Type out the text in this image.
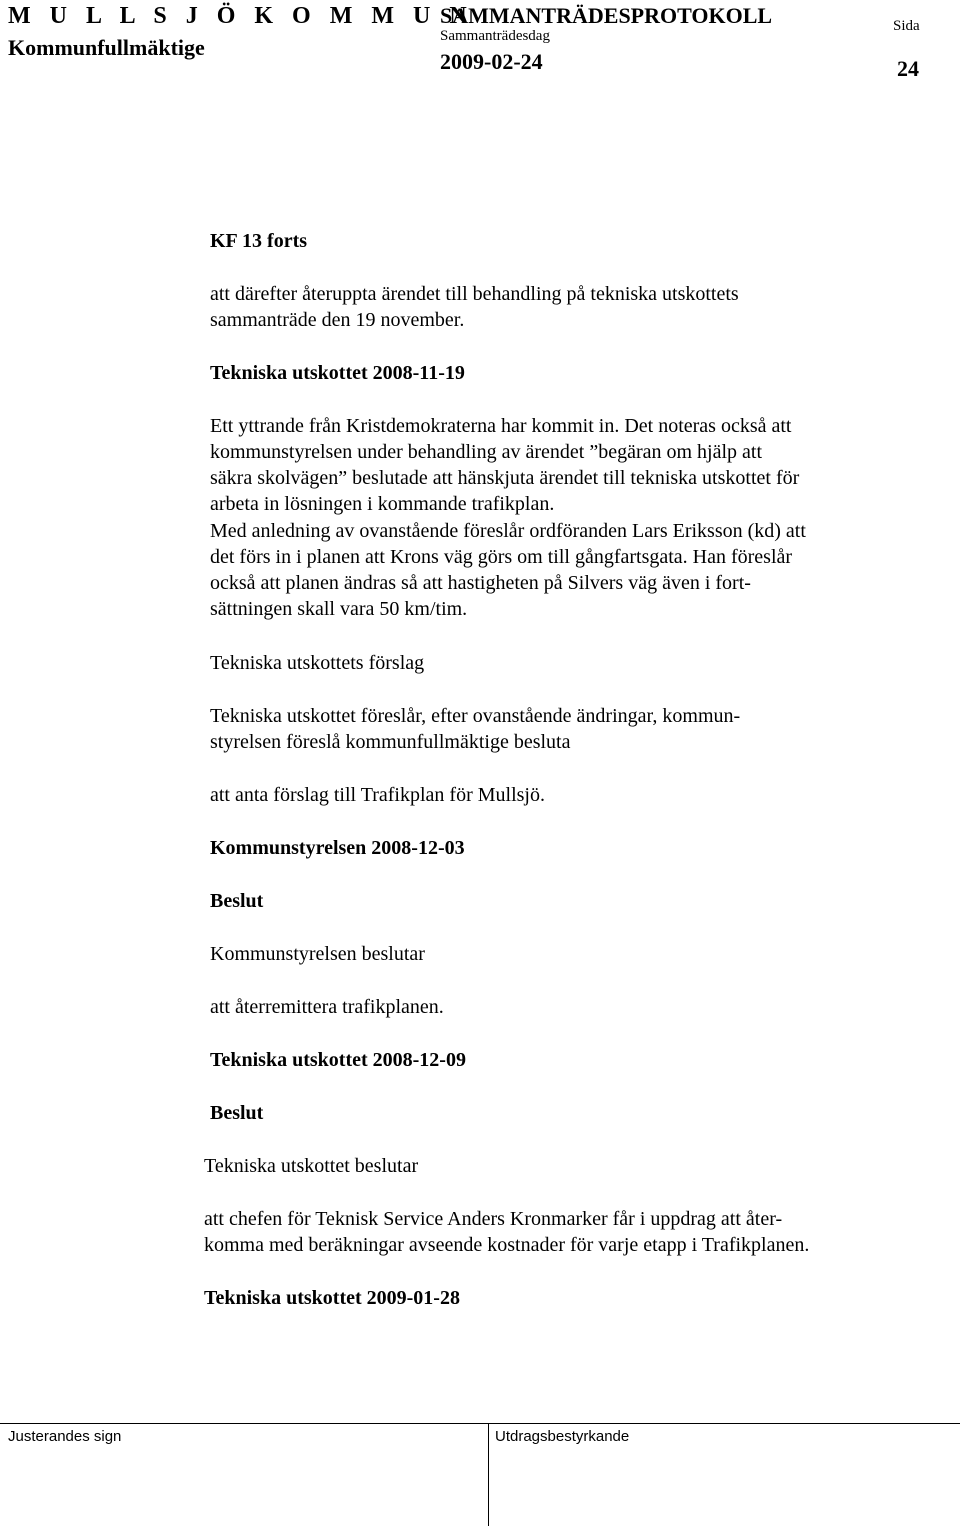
M U L L S J Ö K O M M U N
Kommunfullmäktige
SAMMANTRÄDESPROTOKOLL
Sammanträdesdag
2009-02-24
Sida
24
KF 13 forts

att därefter återuppta ärendet till behandling på tekniska utskottets

sammanträde den 19 november.

Tekniska utskottet 2008-11-19

Ett yttrande från Kristdemokraterna har kommit in. Det noteras också att

kommunstyrelsen under behandling av ärendet ”begäran om hjälp att

säkra skolvägen” beslutade att hänskjuta ärendet till tekniska utskottet för

arbeta in lösningen i kommande trafikplan.

Med anledning av ovanstående föreslår ordföranden Lars Eriksson (kd) att

det förs in i planen att Krons väg görs om till gångfartsgata. Han föreslår

också att planen ändras så att hastigheten på Silvers väg även i fort-

sättningen skall vara 50 km/tim.

Tekniska utskottets förslag

Tekniska utskottet föreslår, efter ovanstående ändringar, kommun-

styrelsen föreslå kommunfullmäktige besluta

att anta förslag till Trafikplan för Mullsjö.

Kommunstyrelsen 2008-12-03
Beslut

Kommunstyrelsen beslutar

att återremittera trafikplanen.

Tekniska utskottet 2008-12-09
Beslut

Tekniska utskottet beslutar

att chefen för Teknisk Service Anders Kronmarker får i uppdrag att åter-

komma med beräkningar avseende kostnader för varje etapp i Trafikplanen.

Tekniska utskottet 2009-01-28
Justerandes sign	Utdragsbestyrkande
